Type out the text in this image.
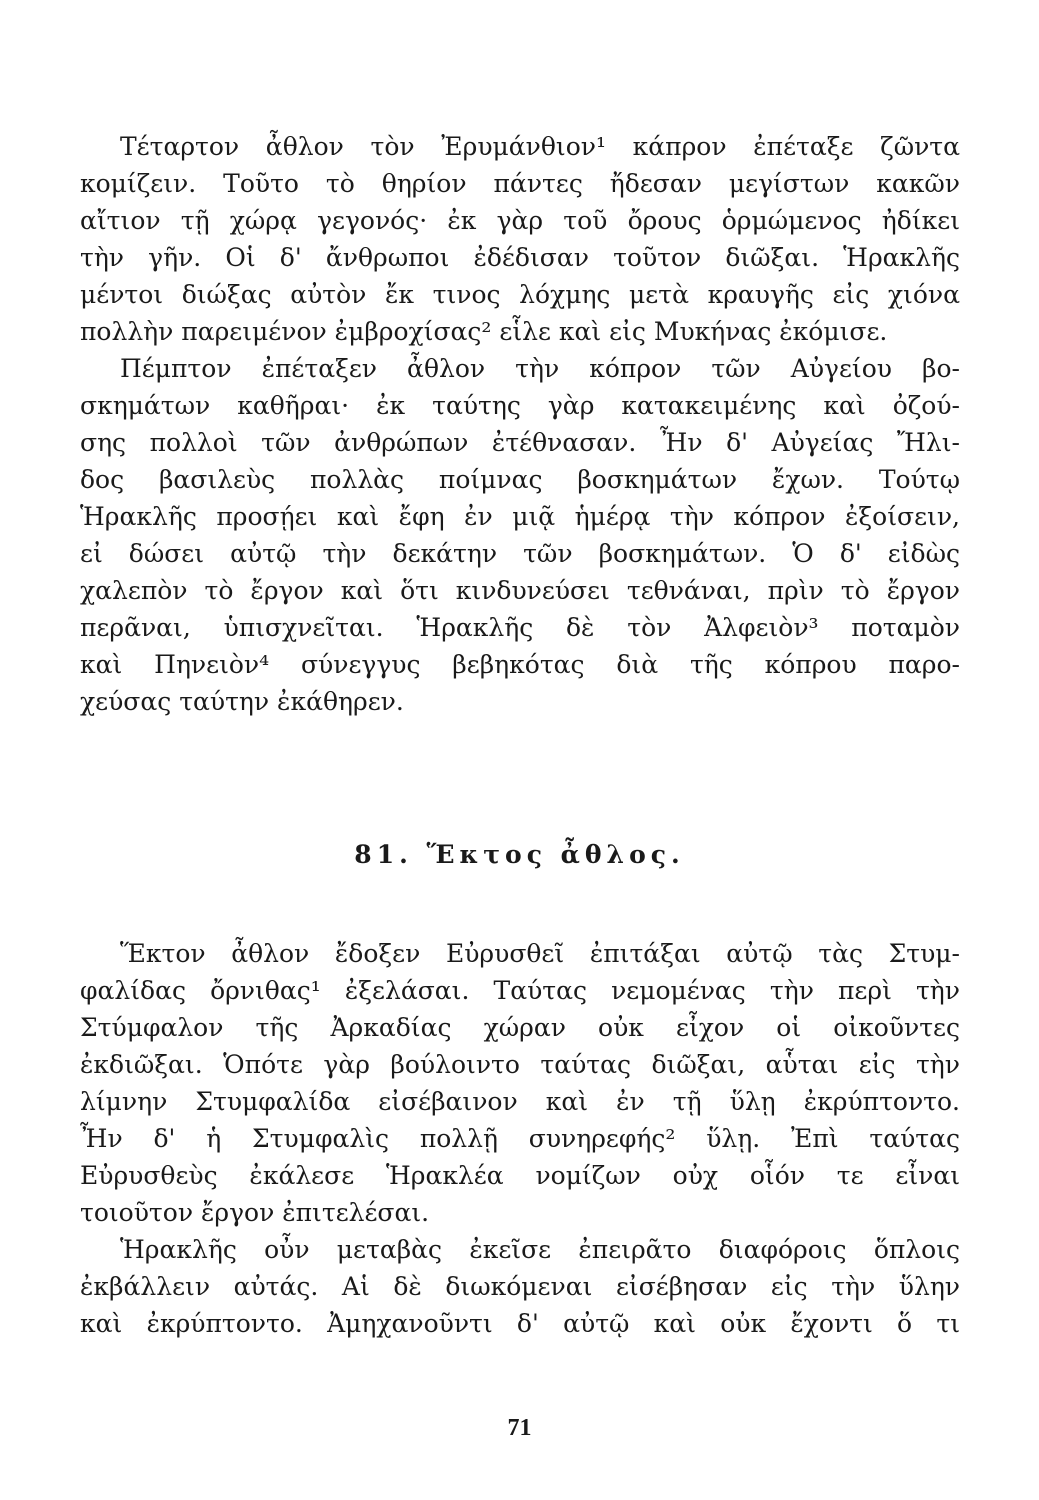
Τέταρτον ἆθλον τὸν Ἐρυμάνθιον¹ κάπρον ἐπέταξε ζῶντα
κομίζειν. Τοῦτο τὸ θηρίον πάντες ἤδεσαν μεγίστων κακῶν
αἴτιον τῇ χώρᾳ γεγονός· ἐκ γὰρ τοῦ ὄρους ὁρμώμενος ἠδίκει
τὴν γῆν. Οἱ δ' ἄνθρωποι ἐδέδισαν τοῦτον διῶξαι. Ἡρακλῆς
μέντοι διώξας αὐτὸν ἔκ τινος λόχμης μετὰ κραυγῆς εἰς χιόνα
πολλὴν παρειμένον ἐμβροχίσας² εἷλε καὶ εἰς Μυκήνας ἐκόμισε.
Πέμπτον ἐπέταξεν ἆθλον τὴν κόπρον τῶν Αὐγείου βο-
σκημάτων καθῆραι· ἐκ ταύτης γὰρ κατακειμένης καὶ ὀζού-
σης πολλοὶ τῶν ἀνθρώπων ἐτέθνασαν. Ἦν δ' Αὐγείας Ἤλι-
δος βασιλεὺς πολλὰς ποίμνας βοσκημάτων ἔχων. Τούτῳ
Ἡρακλῆς προσῄει καὶ ἔφη ἐν μιᾷ ἡμέρᾳ τὴν κόπρον ἐξοίσειν,
εἰ δώσει αὐτῷ τὴν δεκάτην τῶν βοσκημάτων. Ὁ δ' εἰδὼς
χαλεπὸν τὸ ἔργον καὶ ὅτι κινδυνεύσει τεθνάναι, πρὶν τὸ ἔργον
περᾶναι, ὑπισχνεῖται. Ἡρακλῆς δὲ τὸν Ἀλφειὸν³ ποταμὸν
καὶ Πηνειὸν⁴ σύνεγγυς βεβηκότας διὰ τῆς κόπρου παρο-
χεύσας ταύτην ἐκάθηρεν.
81. Ἕκτος ἆθλος.
Ἕκτον ἆθλον ἔδοξεν Εὐρυσθεῖ ἐπιτάξαι αὐτῷ τὰς Στυμ-
φαλίδας ὄρνιθας¹ ἐξελάσαι. Ταύτας νεμομένας τὴν περὶ τὴν
Στύμφαλον τῆς Ἀρκαδίας χώραν οὐκ εἶχον οἱ οἰκοῦντες
ἐκδιῶξαι. Ὁπότε γὰρ βούλοιντο ταύτας διῶξαι, αὗται εἰς τὴν
λίμνην Στυμφαλίδα εἰσέβαινον καὶ ἐν τῇ ὕλῃ ἐκρύπτοντο.
Ἦν δ' ἡ Στυμφαλὶς πολλῇ συνηρεφής² ὕλῃ. Ἐπὶ ταύτας
Εὐρυσθεὺς ἐκάλεσε Ἡρακλέα νομίζων οὐχ οἷόν τε εἶναι
τοιοῦτον ἔργον ἐπιτελέσαι.
Ἡρακλῆς οὖν μεταβὰς ἐκεῖσε ἐπειρᾶτο διαφόροις ὅπλοις
ἐκβάλλειν αὐτάς. Αἱ δὲ διωκόμεναι εἰσέβησαν εἰς τὴν ὕλην
καὶ ἐκρύπτοντο. Ἀμηχανοῦντι δ' αὐτῷ καὶ οὐκ ἔχοντι ὅ τι
71
